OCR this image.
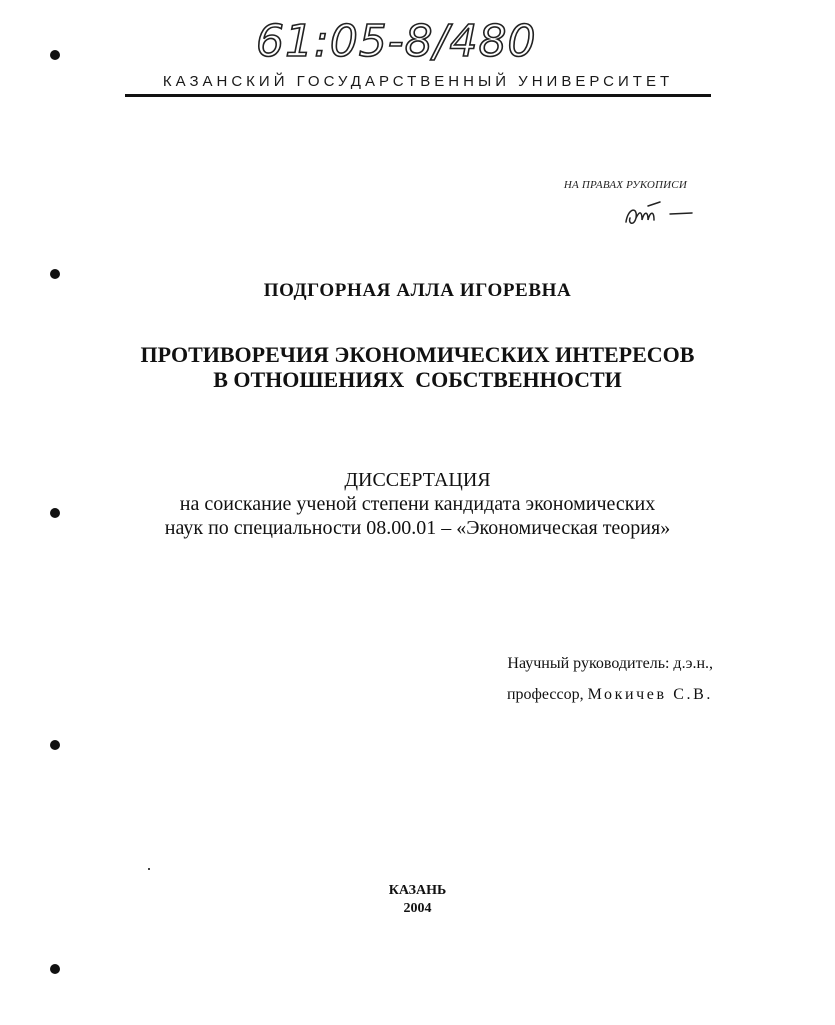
61:05-8/480
КАЗАНСКИЙ ГОСУДАРСТВЕННЫЙ УНИВЕРСИТЕТ
НА ПРАВАХ РУКОПИСИ
ПОДГОРНАЯ АЛЛА ИГОРЕВНА
ПРОТИВОРЕЧИЯ ЭКОНОМИЧЕСКИХ ИНТЕРЕСОВ
В ОТНОШЕНИЯХ  СОБСТВЕННОСТИ
ДИССЕРТАЦИЯ
на соискание ученой степени кандидата экономических
наук по специальности 08.00.01 – «Экономическая теория»
Научный руководитель: д.э.н.,
профессор, Мокичев С.В.
КАЗАНЬ
2004
